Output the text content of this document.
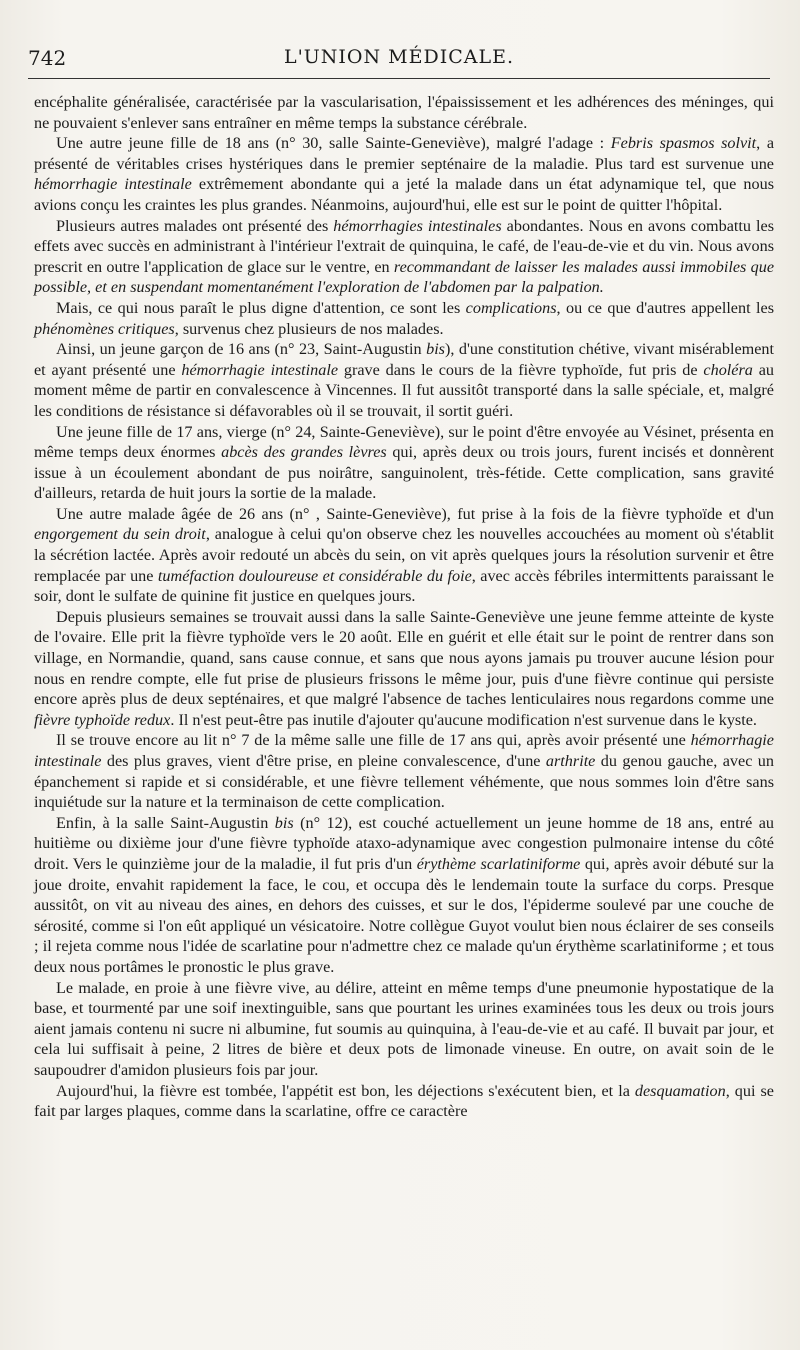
742	L'UNION MÉDICALE.

encéphalite généralisée, caractérisée par la vascularisation, l'épaississement et les adhérences des méninges, qui ne pouvaient s'enlever sans entraîner en même temps la substance cérébrale.

Une autre jeune fille de 18 ans (n° 30, salle Sainte-Geneviève), malgré l'adage : Febris spasmos solvit, a présenté de véritables crises hystériques dans le premier septénaire de la maladie. Plus tard est survenue une hémorrhagie intestinale extrêmement abondante qui a jeté la malade dans un état adynamique tel, que nous avions conçu les craintes les plus grandes. Néanmoins, aujourd'hui, elle est sur le point de quitter l'hôpital.

Plusieurs autres malades ont présenté des hémorrhagies intestinales abondantes. Nous en avons combattu les effets avec succès en administrant à l'intérieur l'extrait de quinquina, le café, de l'eau-de-vie et du vin. Nous avons prescrit en outre l'application de glace sur le ventre, en recommandant de laisser les malades aussi immobiles que possible, et en suspendant momentanément l'exploration de l'abdomen par la palpation.

Mais, ce qui nous paraît le plus digne d'attention, ce sont les complications, ou ce que d'autres appellent les phénomènes critiques, survenus chez plusieurs de nos malades.

Ainsi, un jeune garçon de 16 ans (n° 23, Saint-Augustin bis), d'une constitution chétive, vivant misérablement et ayant présenté une hémorrhagie intestinale grave dans le cours de la fièvre typhoïde, fut pris de choléra au moment même de partir en convalescence à Vincennes. Il fut aussitôt transporté dans la salle spéciale, et, malgré les conditions de résistance si défavorables où il se trouvait, il sortit guéri.

Une jeune fille de 17 ans, vierge (n° 24, Sainte-Geneviève), sur le point d'être envoyée au Vésinet, présenta en même temps deux énormes abcès des grandes lèvres qui, après deux ou trois jours, furent incisés et donnèrent issue à un écoulement abondant de pus noirâtre, sanguinolent, très-fétide. Cette complication, sans gravité d'ailleurs, retarda de huit jours la sortie de la malade.

Une autre malade âgée de 26 ans (n° , Sainte-Geneviève), fut prise à la fois de la fièvre typhoïde et d'un engorgement du sein droit, analogue à celui qu'on observe chez les nouvelles accouchées au moment où s'établit la sécrétion lactée. Après avoir redouté un abcès du sein, on vit après quelques jours la résolution survenir et être remplacée par une tuméfaction douloureuse et considérable du foie, avec accès fébriles intermittents paraissant le soir, dont le sulfate de quinine fit justice en quelques jours.

Depuis plusieurs semaines se trouvait aussi dans la salle Sainte-Geneviève une jeune femme atteinte de kyste de l'ovaire. Elle prit la fièvre typhoïde vers le 20 août. Elle en guérit et elle était sur le point de rentrer dans son village, en Normandie, quand, sans cause connue, et sans que nous ayons jamais pu trouver aucune lésion pour nous en rendre compte, elle fut prise de plusieurs frissons le même jour, puis d'une fièvre continue qui persiste encore après plus de deux septénaires, et que malgré l'absence de taches lenticulaires nous regardons comme une fièvre typhoïde redux. Il n'est peut-être pas inutile d'ajouter qu'aucune modification n'est survenue dans le kyste.

Il se trouve encore au lit n° 7 de la même salle une fille de 17 ans qui, après avoir présenté une hémorrhagie intestinale des plus graves, vient d'être prise, en pleine convalescence, d'une arthrite du genou gauche, avec un épanchement si rapide et si considérable, et une fièvre tellement véhémente, que nous sommes loin d'être sans inquiétude sur la nature et la terminaison de cette complication.

Enfin, à la salle Saint-Augustin bis (n° 12), est couché actuellement un jeune homme de 18 ans, entré au huitième ou dixième jour d'une fièvre typhoïde ataxo-adynamique avec congestion pulmonaire intense du côté droit. Vers le quinzième jour de la maladie, il fut pris d'un érythème scarlatiniforme qui, après avoir débuté sur la joue droite, envahit rapidement la face, le cou, et occupa dès le lendemain toute la surface du corps. Presque aussitôt, on vit au niveau des aines, en dehors des cuisses, et sur le dos, l'épiderme soulevé par une couche de sérosité, comme si l'on eût appliqué un vésicatoire. Notre collègue Guyot voulut bien nous éclairer de ses conseils ; il rejeta comme nous l'idée de scarlatine pour n'admettre chez ce malade qu'un érythème scarlatiniforme ; et tous deux nous portâmes le pronostic le plus grave.

Le malade, en proie à une fièvre vive, au délire, atteint en même temps d'une pneumonie hypostatique de la base, et tourmenté par une soif inextinguible, sans que pourtant les urines examinées tous les deux ou trois jours aient jamais contenu ni sucre ni albumine, fut soumis au quinquina, à l'eau-de-vie et au café. Il buvait par jour, et cela lui suffisait à peine, 2 litres de bière et deux pots de limonade vineuse. En outre, on avait soin de le saupoudrer d'amidon plusieurs fois par jour.

Aujourd'hui, la fièvre est tombée, l'appétit est bon, les déjections s'exécutent bien, et la desquamation, qui se fait par larges plaques, comme dans la scarlatine, offre ce caractère
